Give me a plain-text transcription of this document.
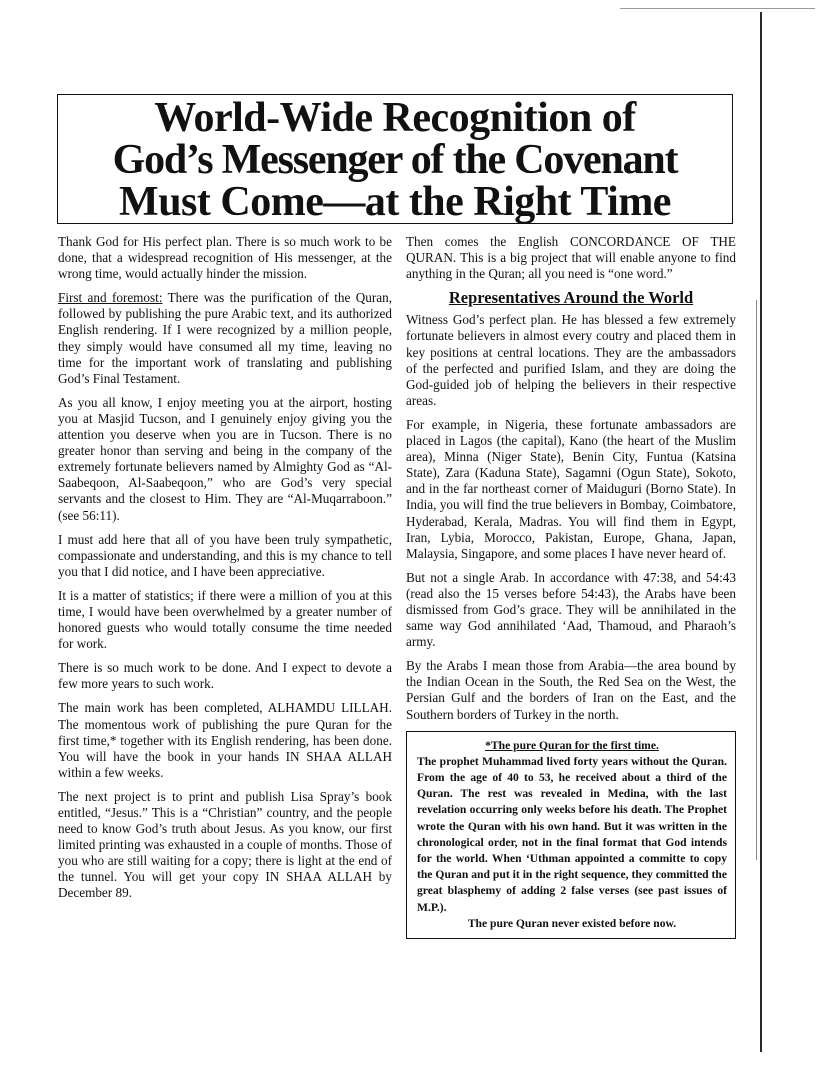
World-Wide Recognition of
God’s Messenger of the Covenant
Must Come—at the Right Time

Thank God for His perfect plan. There is so much work to be done, that a widespread recognition of His messenger, at the wrong time, would actually hinder the mission.

First and foremost: There was the purification of the Quran, followed by publishing the pure Arabic text, and its authorized English rendering. If I were recognized by a million people, they simply would have consumed all my time, leaving no time for the important work of translating and publishing God’s Final Testament.

As you all know, I enjoy meeting you at the airport, hosting you at Masjid Tucson, and I genuinely enjoy giving you the attention you deserve when you are in Tucson. There is no greater honor than serving and being in the company of the extremely fortunate believers named by Almighty God as “Al-Saabeqoon, Al-Saabeqoon,” who are God’s very special servants and the closest to Him. They are “Al-Muqarraboon.” (see 56:11).

I must add here that all of you have been truly sympathetic, compassionate and understanding, and this is my chance to tell you that I did notice, and I have been appreciative.

It is a matter of statistics; if there were a million of you at this time, I would have been overwhelmed by a greater number of honored guests who would totally consume the time needed for work.

There is so much work to be done. And I expect to devote a few more years to such work.

The main work has been completed, ALHAMDU LILLAH. The momentous work of publishing the pure Quran for the first time,* together with its English rendering, has been done. You will have the book in your hands IN SHAA ALLAH within a few weeks.

The next project is to print and publish Lisa Spray’s book entitled, “Jesus.” This is a “Christian” country, and the people need to know God’s truth about Jesus. As you know, our first limited printing was exhausted in a couple of months. Those of you who are still waiting for a copy; there is light at the end of the tunnel. You will get your copy IN SHAA ALLAH by December 89.

Then comes the English CONCORDANCE OF THE QURAN. This is a big project that will enable anyone to find anything in the Quran; all you need is “one word.”

Representatives Around the World

Witness God’s perfect plan. He has blessed a few extremely fortunate believers in almost every coutry and placed them in key positions at central locations. They are the ambassadors of the perfected and purified Islam, and they are doing the God-guided job of helping the believers in their respective areas.

For example, in Nigeria, these fortunate ambassadors are placed in Lagos (the capital), Kano (the heart of the Muslim area), Minna (Niger State), Benin City, Funtua (Katsina State), Zara (Kaduna State), Sagamni (Ogun State), Sokoto, and in the far northeast corner of Maiduguri (Borno State). In India, you will find the true believers in Bombay, Coimbatore, Hyderabad, Kerala, Madras. You will find them in Egypt, Iran, Lybia, Morocco, Pakistan, Europe, Ghana, Japan, Malaysia, Singapore, and some places I have never heard of.

But not a single Arab. In accordance with 47:38, and 54:43 (read also the 15 verses before 54:43), the Arabs have been dismissed from God’s grace. They will be annihilated in the same way God annihilated ‘Aad, Thamoud, and Pharaoh’s army.

By the Arabs I mean those from Arabia—the area bound by the Indian Ocean in the South, the Red Sea on the West, the Persian Gulf and the borders of Iran on the East, and the Southern borders of Turkey in the north.

*The pure Quran for the first time.
The prophet Muhammad lived forty years without the Quran. From the age of 40 to 53, he received about a third of the Quran. The rest was revealed in Medina, with the last revelation occurring only weeks before his death. The Prophet wrote the Quran with his own hand. But it was written in the chronological order, not in the final format that God intends for the world. When ‘Uthman appointed a committe to copy the Quran and put it in the right sequence, they committed the great blasphemy of adding 2 false verses (see past issues of M.P.).
The pure Quran never existed before now.
